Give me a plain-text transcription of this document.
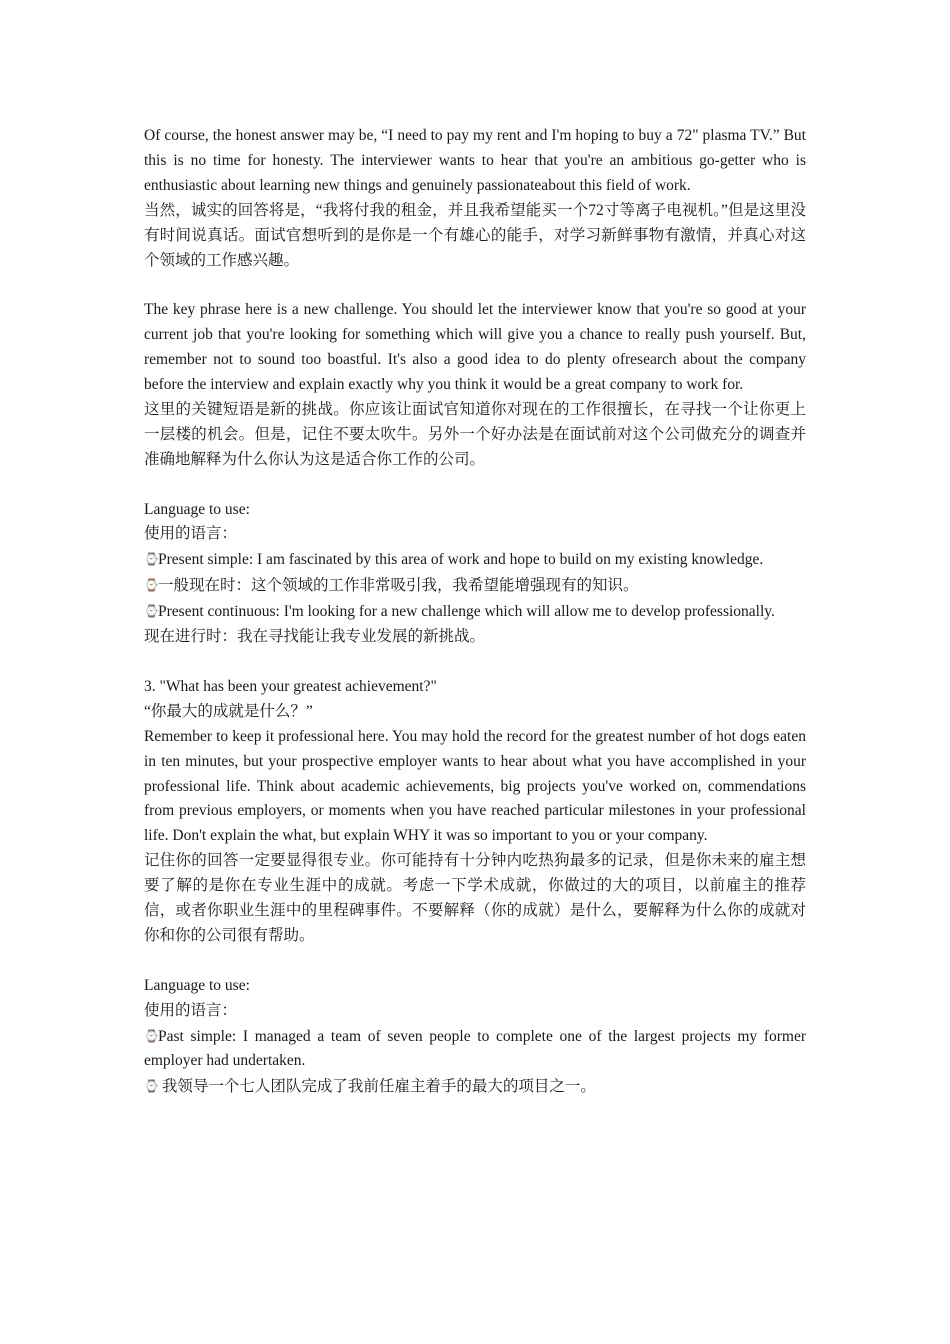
Of course, the honest answer may be, “I need to pay my rent and I'm hoping to buy a 72" plasma TV.” But this is no time for honesty. The interviewer wants to hear that you're an ambitious go-getter who is enthusiastic about learning new things and genuinely passionateabout this field of work.

当然，诚实的回答将是，“我将付我的租金，并且我希望能买一个72寸等离子电视机。”但是这里没有时间说真话。面试官想听到的是你是一个有雄心的能手，对学习新鲜事物有激情，并真心对这个领域的工作感兴趣。

The key phrase here is a new challenge. You should let the interviewer know that you're so good at your current job that you're looking for something which will give you a chance to really push yourself. But, remember not to sound too boastful. It's also a good idea to do plenty ofresearch about the company before the interview and explain exactly why you think it would be a great company to work for.

这里的关键短语是新的挑战。你应该让面试官知道你对现在的工作很擅长，在寻找一个让你更上一层楼的机会。但是，记住不要太吹牛。另外一个好办法是在面试前对这个公司做充分的调查并准确地解释为什么你认为这是适合你工作的公司。

Language to use:

使用的语言：

⌚Present simple: I am fascinated by this area of work and hope to build on my existing knowledge.

⌚一般现在时：这个领域的工作非常吸引我，我希望能增强现有的知识。

⌚Present continuous: I'm looking for a new challenge which will allow me to develop professionally.

现在进行时：我在寻找能让我专业发展的新挑战。

3. "What has been your greatest achievement?"

“你最大的成就是什么？”

Remember to keep it professional here. You may hold the record for the greatest number of hot dogs eaten in ten minutes, but your prospective employer wants to hear about what you have accomplished in your professional life. Think about academic achievements, big projects you've worked on, commendations from previous employers, or moments when you have reached particular milestones in your professional life. Don't explain the what, but explain WHY it was so important to you or your company.

记住你的回答一定要显得很专业。你可能持有十分钟内吃热狗最多的记录，但是你未来的雇主想要了解的是你在专业生涯中的成就。考虑一下学术成就，你做过的大的项目，以前雇主的推荐信，或者你职业生涯中的里程碑事件。不要解释（你的成就）是什么，要解释为什么你的成就对你和你的公司很有帮助。

Language to use:

使用的语言：

⌚Past simple: I managed a team of seven people to complete one of the largest projects my former employer had undertaken.

⌚ 我领导一个七人团队完成了我前任雇主着手的最大的项目之一。
